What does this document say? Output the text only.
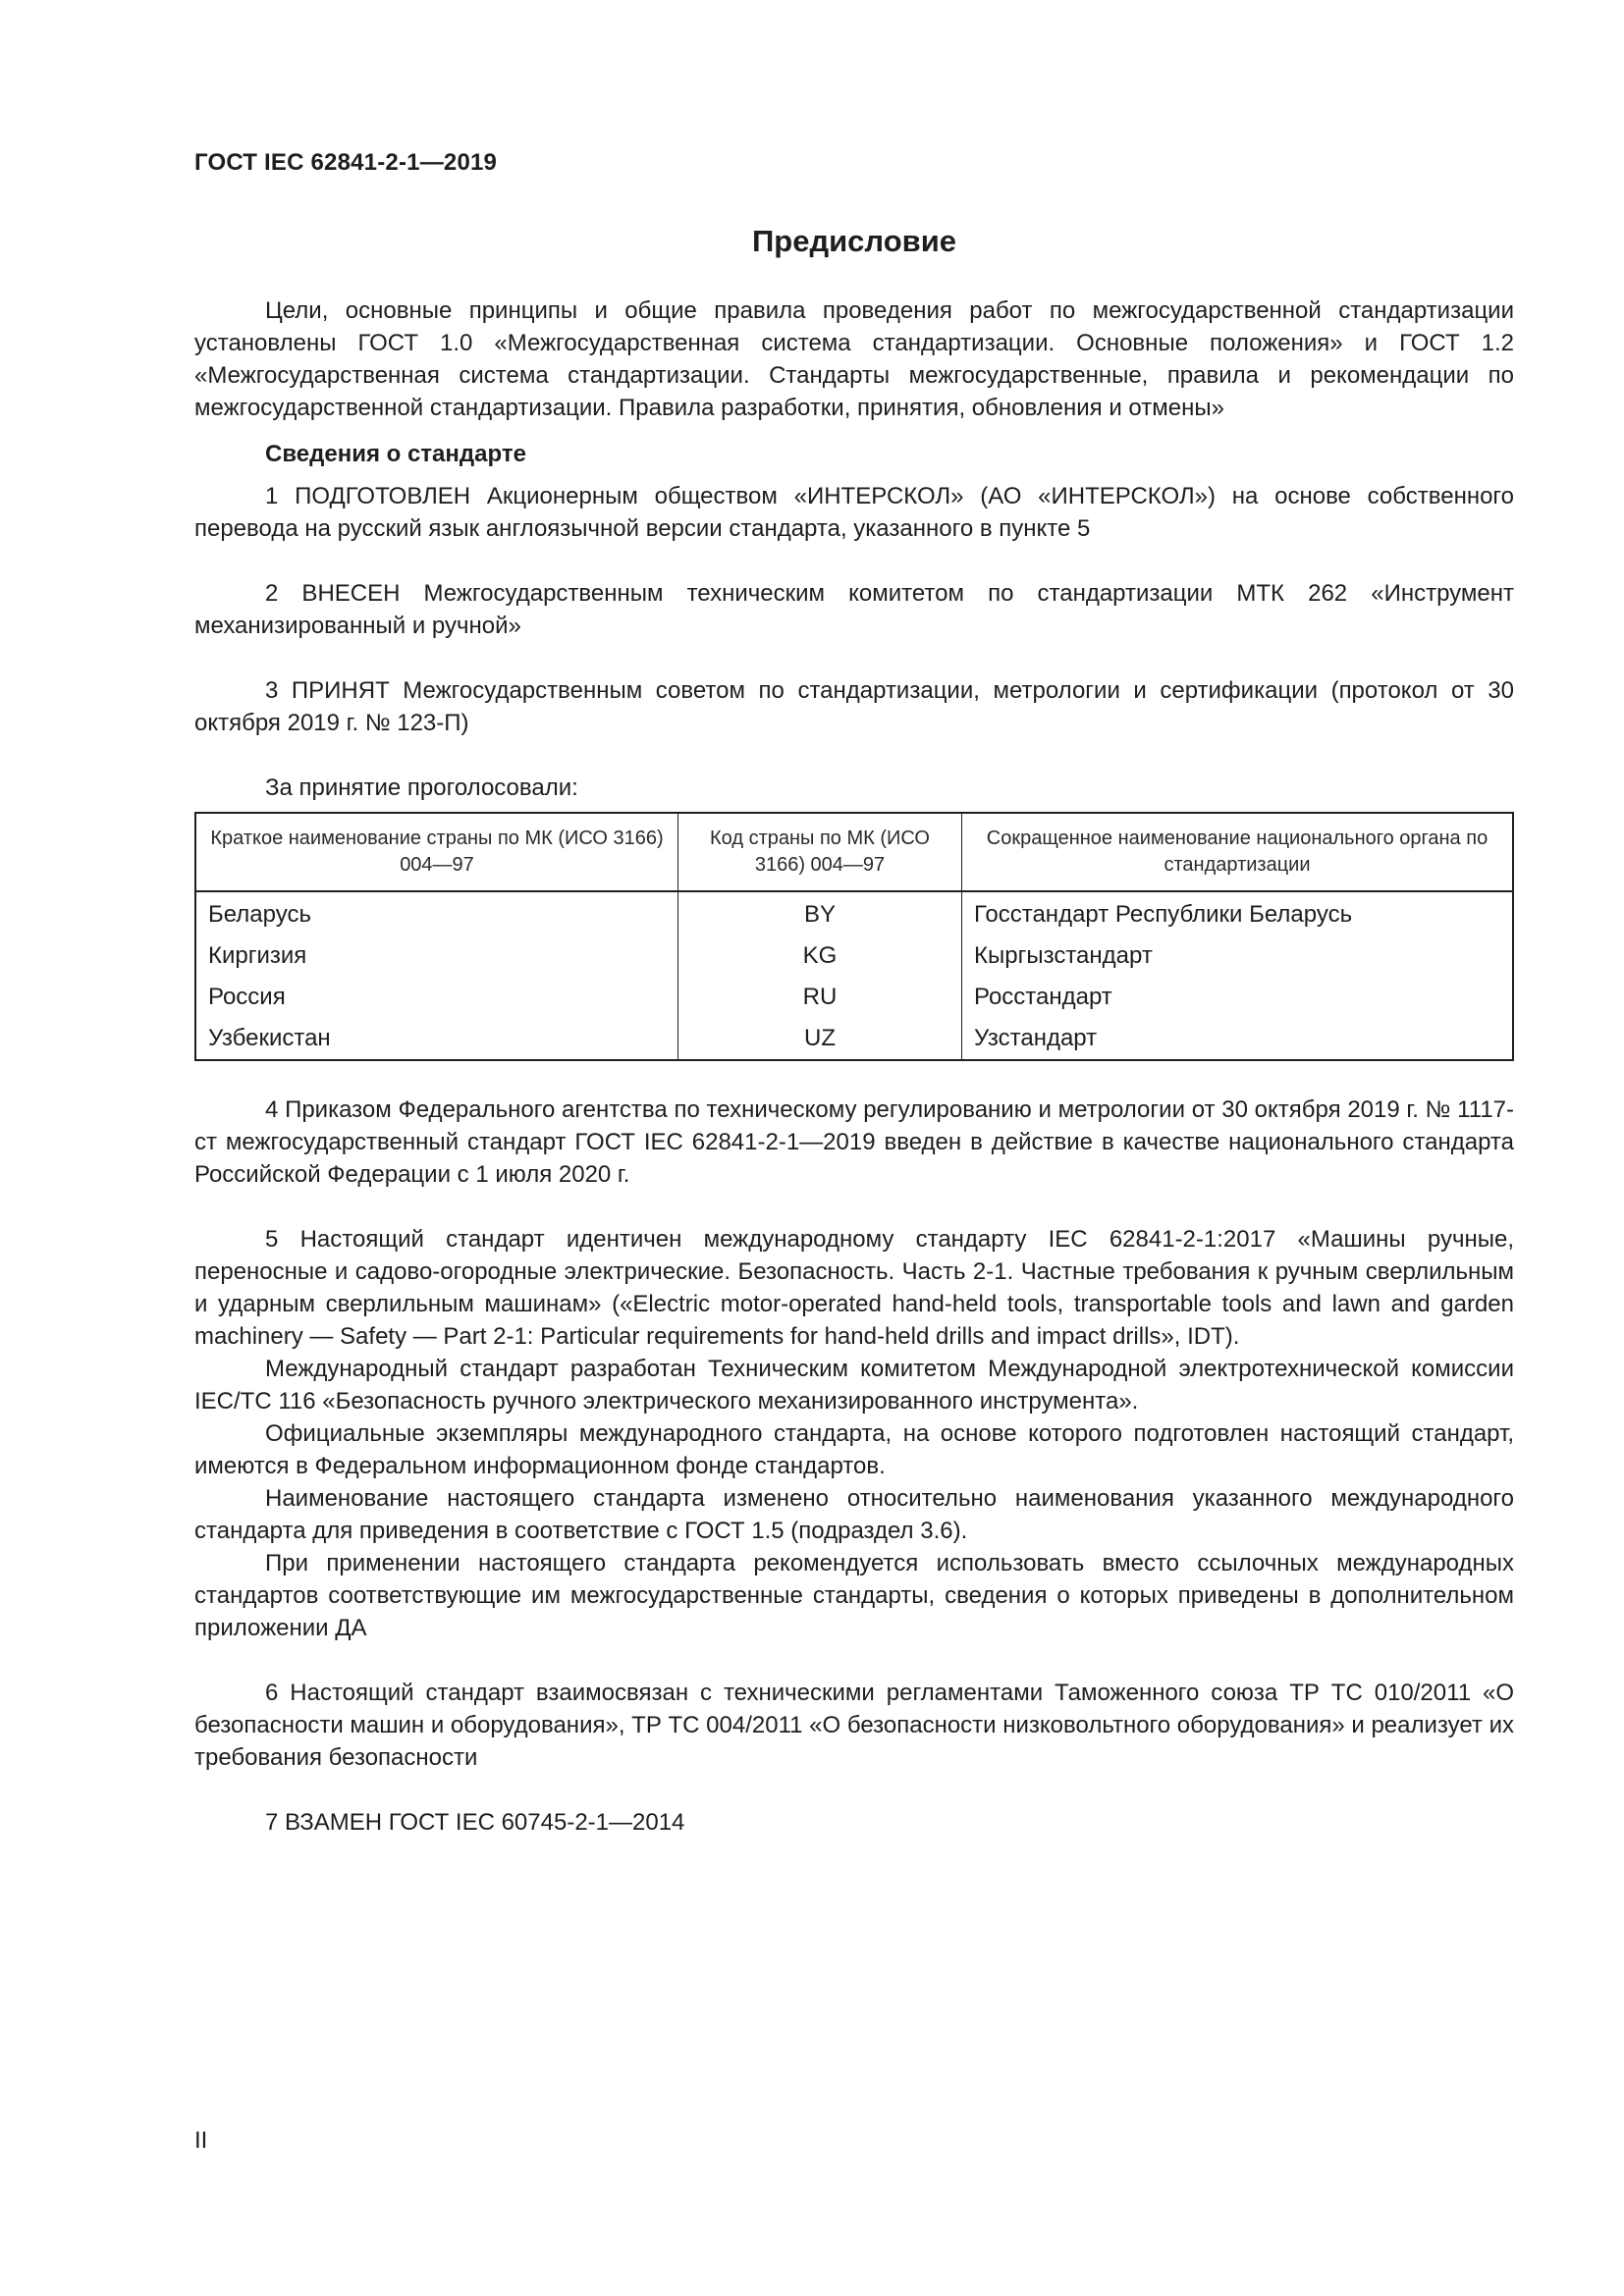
ГОСТ IEC 62841-2-1—2019
Предисловие

Цели, основные принципы и общие правила проведения работ по межгосударственной стандартизации установлены ГОСТ 1.0 «Межгосударственная система стандартизации. Основные положения» и ГОСТ 1.2 «Межгосударственная система стандартизации. Стандарты межгосударственные, правила и рекомендации по межгосударственной стандартизации. Правила разработки, принятия, обновления и отмены»

Сведения о стандарте

1 ПОДГОТОВЛЕН Акционерным обществом «ИНТЕРСКОЛ» (АО «ИНТЕРСКОЛ») на основе собственного перевода на русский язык англоязычной версии стандарта, указанного в пункте 5

2 ВНЕСЕН Межгосударственным техническим комитетом по стандартизации МТК 262 «Инструмент механизированный и ручной»

3 ПРИНЯТ Межгосударственным советом по стандартизации, метрологии и сертификации (протокол от 30 октября 2019 г. № 123-П)

За принятие проголосовали:
Краткое наименование страны по МК (ИСО 3166) 004—97	Код страны по МК (ИСО 3166) 004—97	Сокращенное наименование национального органа по стандартизации
Беларусь	BY	Госстандарт Республики Беларусь
Киргизия	KG	Кыргызстандарт
Россия	RU	Росстандарт
Узбекистан	UZ	Узстандарт

4 Приказом Федерального агентства по техническому регулированию и метрологии от 30 октября 2019 г. № 1117-ст межгосударственный стандарт ГОСТ IEC 62841-2-1—2019 введен в действие в качестве национального стандарта Российской Федерации с 1 июля 2020 г.

5 Настоящий стандарт идентичен международному стандарту IEC 62841-2-1:2017 «Машины ручные, переносные и садово-огородные электрические. Безопасность. Часть 2-1. Частные требования к ручным сверлильным и ударным сверлильным машинам» («Electric motor-operated hand-held tools, transportable tools and lawn and garden machinery — Safety — Part 2-1: Particular requirements for hand-held drills and impact drills», IDT).

Международный стандарт разработан Техническим комитетом Международной электротехнической комиссии IEC/TC 116 «Безопасность ручного электрического механизированного инструмента».

Официальные экземпляры международного стандарта, на основе которого подготовлен настоящий стандарт, имеются в Федеральном информационном фонде стандартов.

Наименование настоящего стандарта изменено относительно наименования указанного международного стандарта для приведения в соответствие с ГОСТ 1.5 (подраздел 3.6).

При применении настоящего стандарта рекомендуется использовать вместо ссылочных международных стандартов соответствующие им межгосударственные стандарты, сведения о которых приведены в дополнительном приложении ДА

6 Настоящий стандарт взаимосвязан с техническими регламентами Таможенного союза ТР ТС 010/2011 «О безопасности машин и оборудования», ТР ТС 004/2011 «О безопасности низковольтного оборудования» и реализует их требования безопасности

7 ВЗАМЕН ГОСТ IEC 60745-2-1—2014

II
